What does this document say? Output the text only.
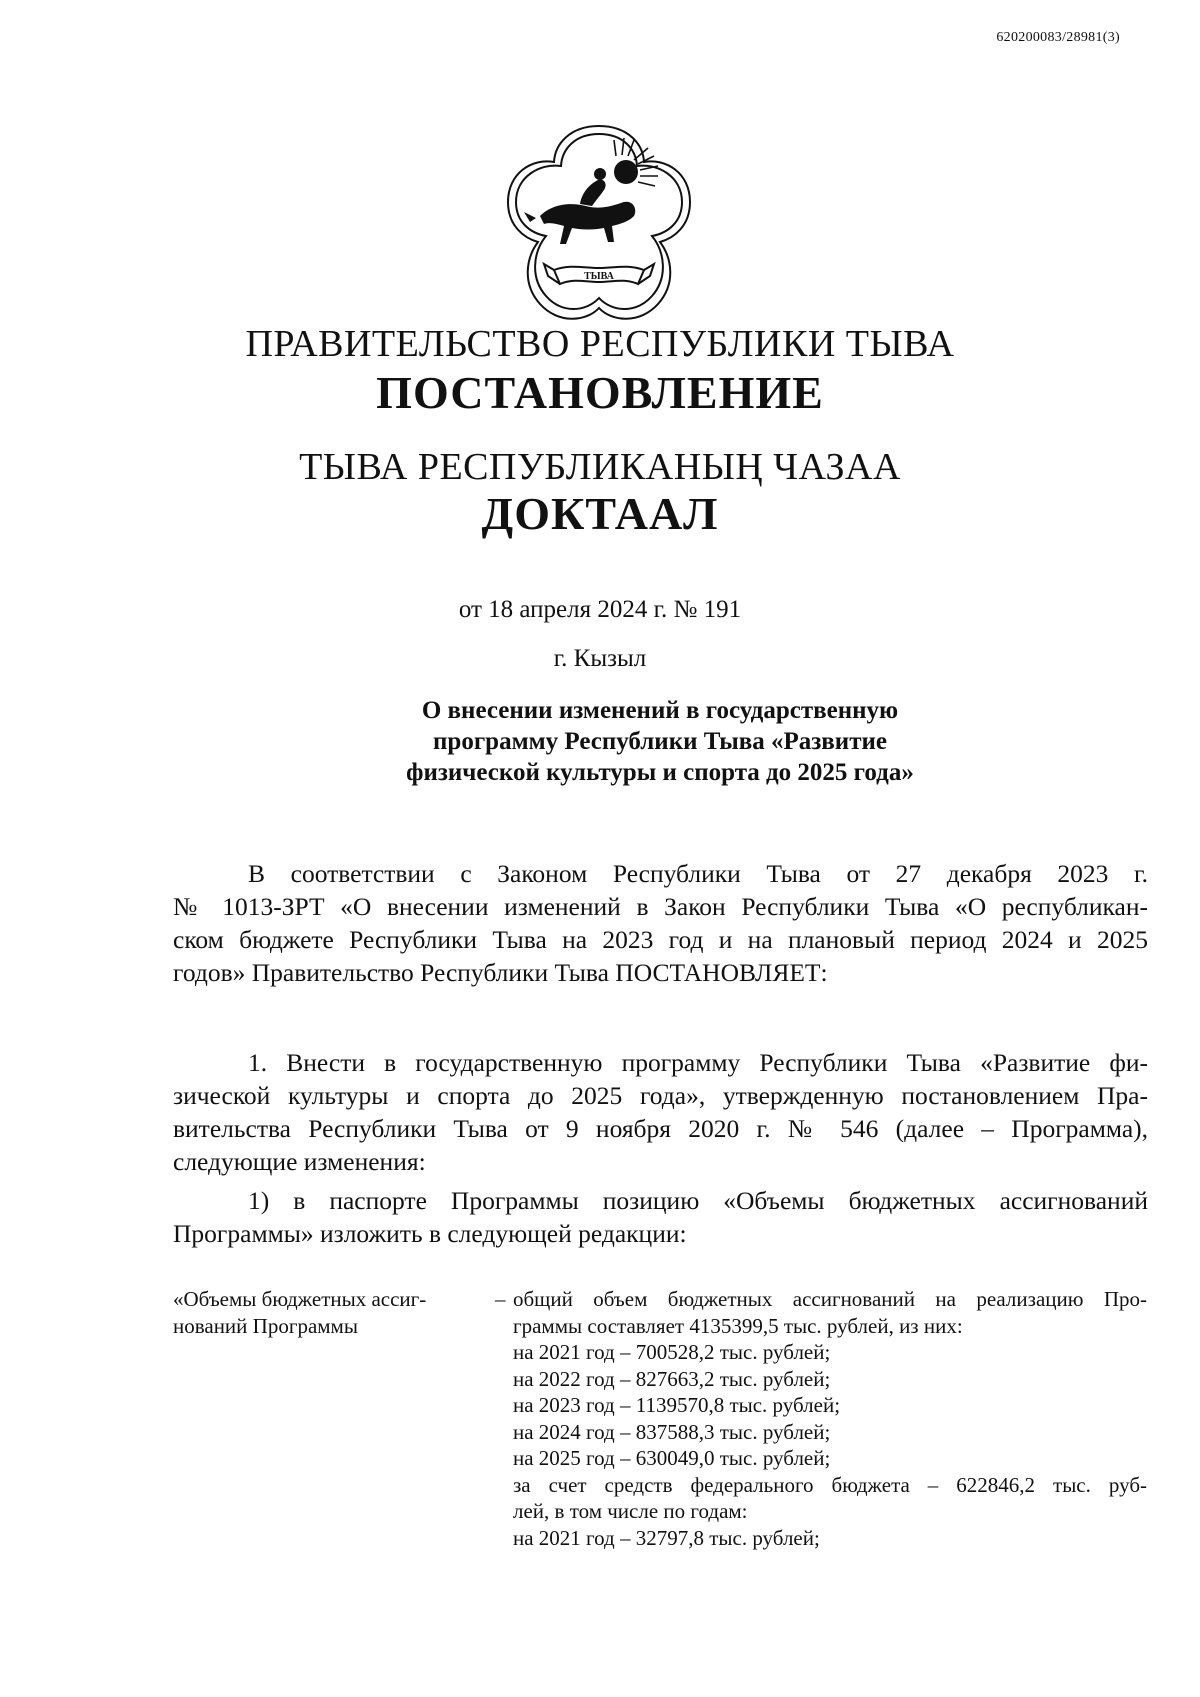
620200083/28981(3)
ТЫВА
ПРАВИТЕЛЬСТВО РЕСПУБЛИКИ ТЫВА
ПОСТАНОВЛЕНИЕ
ТЫВА РЕСПУБЛИКАНЫҢ ЧАЗАА
ДОКТААЛ
от 18 апреля 2024 г. № 191
г. Кызыл
О внесении изменений в государственную
программу Республики Тыва «Развитие
физической культуры и спорта до 2025 года»
В соответствии с Законом Республики Тыва от 27 декабря 2023 г.
№ 1013-ЗРТ «О внесении изменений в Закон Республики Тыва «О республикан-
ском бюджете Республики Тыва на 2023 год и на плановый период 2024 и 2025
годов» Правительство Республики Тыва ПОСТАНОВЛЯЕТ:
1. Внести в государственную программу Республики Тыва «Развитие фи-
зической культуры и спорта до 2025 года», утвержденную постановлением Пра-
вительства Республики Тыва от 9 ноября 2020 г. № 546 (далее – Программа),
следующие изменения:
1) в паспорте Программы позицию «Объемы бюджетных ассигнований
Программы» изложить в следующей редакции:
«Объемы бюджетных ассиг-
нований Программы
– общий объем бюджетных ассигнований на реализацию Про-
граммы составляет 4135399,5 тыс. рублей, из них:
на 2021 год – 700528,2 тыс. рублей;
на 2022 год – 827663,2 тыс. рублей;
на 2023 год – 1139570,8 тыс. рублей;
на 2024 год – 837588,3 тыс. рублей;
на 2025 год – 630049,0 тыс. рублей;
за счет средств федерального бюджета – 622846,2 тыс. руб-
лей, в том числе по годам:
на 2021 год – 32797,8 тыс. рублей;
